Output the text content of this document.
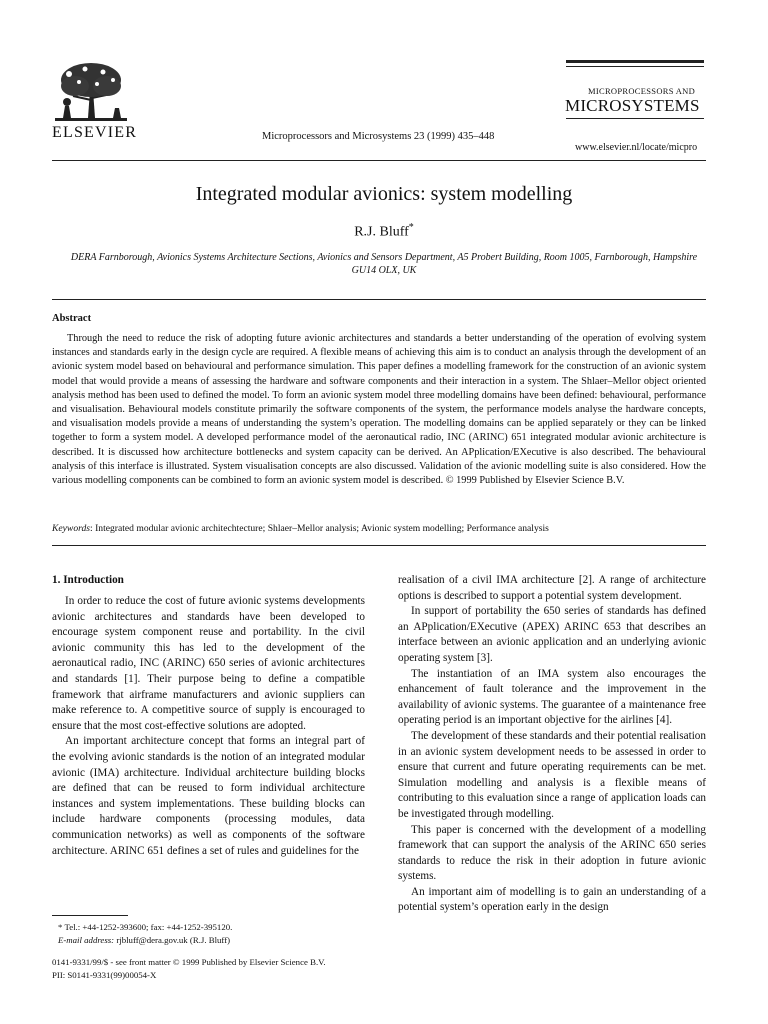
ELSEVIER	Microprocessors and Microsystems 23 (1999) 435–448
MICROPROCESSORS AND
MICROSYSTEMS
www.elsevier.nl/locate/micpro
Integrated modular avionics: system modelling
R.J. Bluff*
DERA Farnborough, Avionics Systems Architecture Sections, Avionics and Sensors Department, A5 Probert Building, Room 1005, Farnborough, Hampshire GU14 OLX, UK
Abstract
Through the need to reduce the risk of adopting future avionic architectures and standards a better understanding of the operation of evolving system instances and standards early in the design cycle are required. A flexible means of achieving this aim is to conduct an analysis through the development of an avionic system model based on behavioural and performance simulation. This paper defines a modelling framework for the construction of an avionic system model that would provide a means of assessing the hardware and software components and their interaction in a system. The Shlaer–Mellor object oriented analysis method has been used to defined the model. To form an avionic system model three modelling domains have been defined: behavioural, performance and visualisation. Behavioural models constitute primarily the software components of the system, the performance models analyse the hardware concepts, and visualisation models provide a means of understanding the system’s operation. The modelling domains can be applied separately or they can be linked together to form a system model. A developed performance model of the aeronautical radio, INC (ARINC) 651 integrated modular avionic architecture is described. It is discussed how architecture bottlenecks and system capacity can be derived. An APplication/EXecutive is also described. The behavioural analysis of this interface is illustrated. System visualisation concepts are also discussed. Validation of the avionic modelling suite is also considered. How the various modelling components can be combined to form an avionic system model is described. © 1999 Published by Elsevier Science B.V.
Keywords: Integrated modular avionic architechtecture; Shlaer–Mellor analysis; Avionic system modelling; Performance analysis
1. Introduction

In order to reduce the cost of future avionic systems developments avionic architectures and standards have been developed to encourage system component reuse and portability. In the civil avionic community this has led to the development of the aeronautical radio, INC (ARINC) 650 series of avionic architectures and standards [1]. Their purpose being to define a compatible framework that airframe manufacturers and avionic suppliers can make reference to. A competitive source of supply is encouraged to ensure that the most cost-effective solutions are adopted.

An important architecture concept that forms an integral part of the evolving avionic standards is the notion of an integrated modular avionic (IMA) architecture. Individual architecture building blocks are defined that can be reused to form individual architecture instances and system implementations. These building blocks can include hardware components (processing modules, data communication networks) as well as components of the software architecture. ARINC 651 defines a set of rules and guidelines for the

realisation of a civil IMA architecture [2]. A range of architecture options is described to support a potential system development.

In support of portability the 650 series of standards has defined an APplication/EXecutive (APEX) ARINC 653 that describes an interface between an avionic application and an underlying avionic operating system [3].

The instantiation of an IMA system also encourages the enhancement of fault tolerance and the improvement in the availability of avionic systems. The guarantee of a maintenance free operating period is an important objective for the airlines [4].

The development of these standards and their potential realisation in an avionic system development needs to be assessed in order to ensure that current and future operating requirements can be met. Simulation modelling and analysis is a flexible means of contributing to this evaluation since a range of application loads can be investigated through modelling.

This paper is concerned with the development of a modelling framework that can support the analysis of the ARINC 650 series standards to reduce the risk in their adoption in future avionic systems.

An important aim of modelling is to gain an understanding of a potential system’s operation early in the design

* Tel.: +44-1252-393600; fax: +44-1252-395120.
E-mail address: rjbluff@dera.gov.uk (R.J. Bluff)
0141-9331/99/$ - see front matter © 1999 Published by Elsevier Science B.V.
PII: S0141-9331(99)00054-X
